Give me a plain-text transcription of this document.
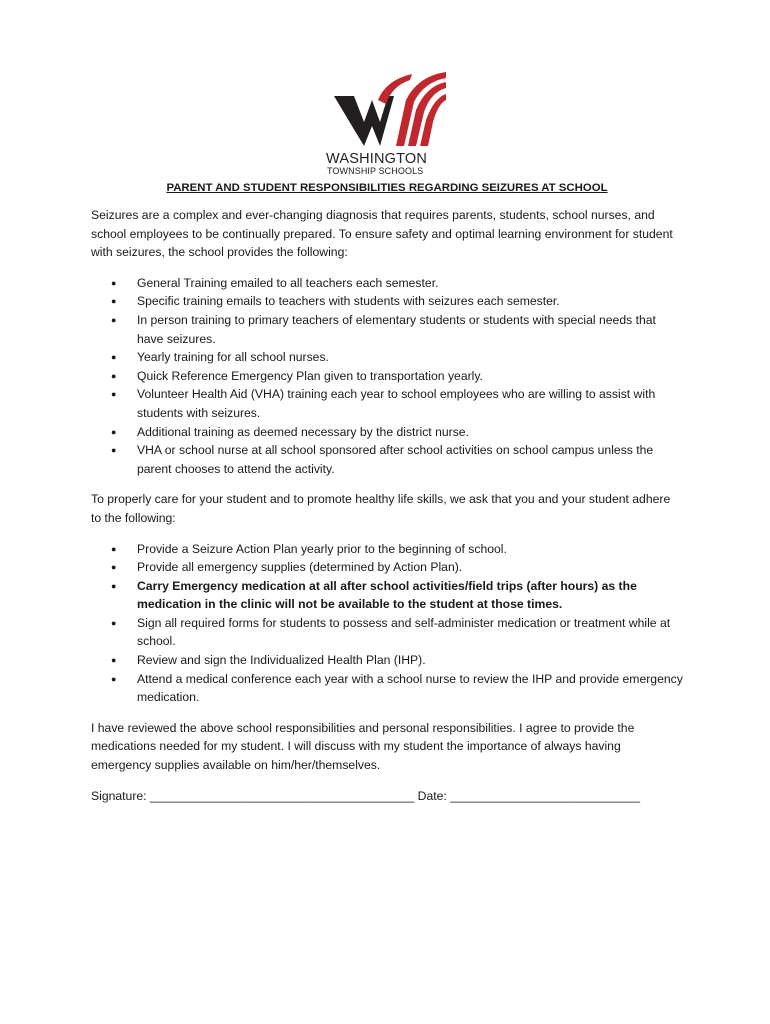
WASHINGTON
TOWNSHIP SCHOOLS
PARENT AND STUDENT RESPONSIBILITIES REGARDING SEIZURES AT SCHOOL

Seizures are a complex and ever-changing diagnosis that requires parents, students, school nurses, and school employees to be continually prepared. To ensure safety and optimal learning environment for student with seizures, the school provides the following:

● General Training emailed to all teachers each semester.
● Specific training emails to teachers with students with seizures each semester.
● In person training to primary teachers of elementary students or students with special needs that have seizures.
● Yearly training for all school nurses.
● Quick Reference Emergency Plan given to transportation yearly.
● Volunteer Health Aid (VHA) training each year to school employees who are willing to assist with students with seizures.
● Additional training as deemed necessary by the district nurse.
● VHA or school nurse at all school sponsored after school activities on school campus unless the parent chooses to attend the activity.

To properly care for your student and to promote healthy life skills, we ask that you and your student adhere to the following:

● Provide a Seizure Action Plan yearly prior to the beginning of school.
● Provide all emergency supplies (determined by Action Plan).
● Carry Emergency medication at all after school activities/field trips (after hours) as the medication in the clinic will not be available to the student at those times.
● Sign all required forms for students to possess and self-administer medication or treatment while at school.
● Review and sign the Individualized Health Plan (IHP).
● Attend a medical conference each year with a school nurse to review the IHP and provide emergency medication.

I have reviewed the above school responsibilities and personal responsibilities. I agree to provide the medications needed for my student. I will discuss with my student the importance of always having emergency supplies available on him/her/themselves.

Signature: _______________________________________ Date: ____________________________
